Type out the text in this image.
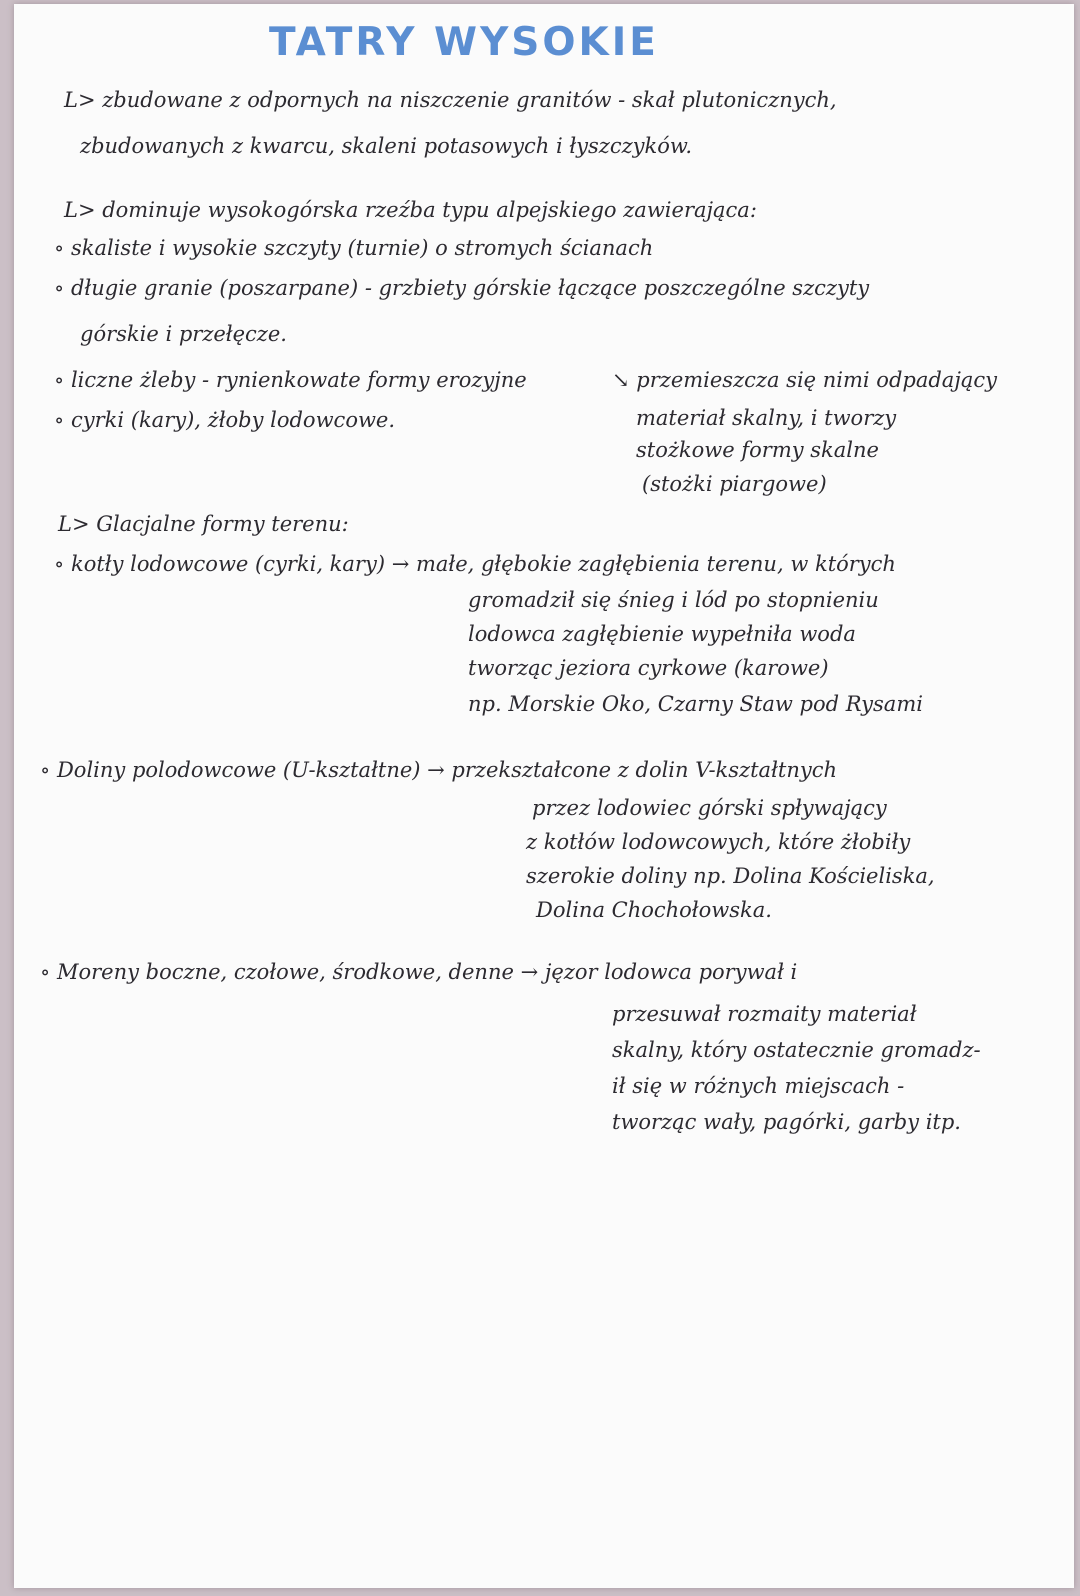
TATRY WYSOKIE
L> zbudowane z odpornych na niszczenie granitów - skał plutonicznych,
zbudowanych z kwarcu, skaleni potasowych i łyszczyków.
L> dominuje wysokogórska rzeźba typu alpejskiego zawierająca:
∘ skaliste i wysokie szczyty (turnie) o stromych ścianach
∘ długie granie (poszarpane) - grzbiety górskie łączące poszczególne szczyty
górskie i przełęcze.
∘ liczne żleby - rynienkowate formy erozyjne	↘ przemieszcza się nimi odpadający
∘ cyrki (kary), żłoby lodowcowe.	materiał skalny, i tworzy
stożkowe formy skalne
(stożki piargowe)
L> Glacjalne formy terenu:
∘ kotły lodowcowe (cyrki, kary) → małe, głębokie zagłębienia terenu, w których
gromadził się śnieg i lód po stopnieniu
lodowca zagłębienie wypełniła woda
tworząc jeziora cyrkowe (karowe)
np. Morskie Oko, Czarny Staw pod Rysami
∘ Doliny polodowcowe (U-kształtne) → przekształcone z dolin V-kształtnych
przez lodowiec górski spływający
z kotłów lodowcowych, które żłobiły
szerokie doliny np. Dolina Kościeliska,
Dolina Chochołowska.
∘ Moreny boczne, czołowe, środkowe, denne → jęzor lodowca porywał i
przesuwał rozmaity materiał
skalny, który ostatecznie gromadz-
ił się w różnych miejscach -
tworząc wały, pagórki, garby itp.
